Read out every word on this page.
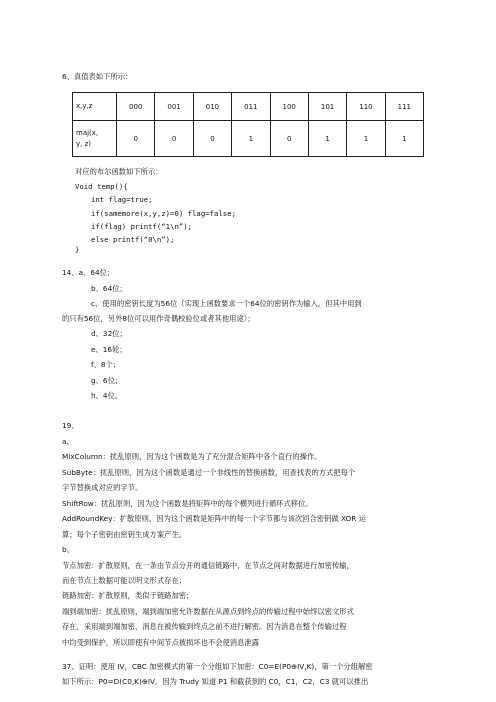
6、真值表如下所示：
x,y,z	000	001	010	011	100	101	110	111

maj(x,
y, z)	0	0	0	1	0	1	1	1
对应的布尔函数如下所示：
Void temp(){
int flag=true;
if(samemore(x,y,z)=0) flag=false;
if(flag) printf(“1\n”);
else printf(“0\n”);
}
14、a、64位；
b、64位；
c、使用的密钥长度为56位（实现上函数要求一个64位的密钥作为输入，但其中用到
的只有56位，另外8位可以用作奇偶校验位或者其他用途）；
d、32位；
e、16轮；
f、8个；
g、6位；
h、4位。
19、
a、
MixColumn：扰乱原则，因为这个函数是为了充分混合矩阵中各个直行的操作。
SubByte：扰乱原则，因为这个函数是通过一个非线性的替换函数，用查找表的方式把每个
字节替换成对应的字节。
ShiftRow：扰乱原则，因为这个函数是将矩阵中的每个横列进行循环式移位。
AddRoundKey：扩散原则，因为这个函数是矩阵中的每一个字节都与该次回合密钥做 XOR 运
算；每个子密钥由密钥生成方案产生。
b、
节点加密：扩散原则，在一条由节点分开的通信链路中，在节点之间对数据进行加密传输，
而在节点上数据可能以明文形式存在；
链路加密：扩散原则，类似于链路加密；
端到端加密：扰乱原则，端到端加密允许数据在从源点到终点的传输过程中始终以密文形式
存在，采用端到端加密，消息在被传输到终点之前不进行解密。因为消息在整个传输过程
中均受到保护，所以即使有中间节点被损坏也不会使消息泄露
37、证明：使用 IV，CBC 加密模式的第一个分组如下加密：C0=E(P0⊕IV,K)，第一个分组解密
如下所示：P0=D(C0,K)⊕IV。因为 Trudy 知道 P1 和截获到的 C0，C1，C2，C3 就可以推出
